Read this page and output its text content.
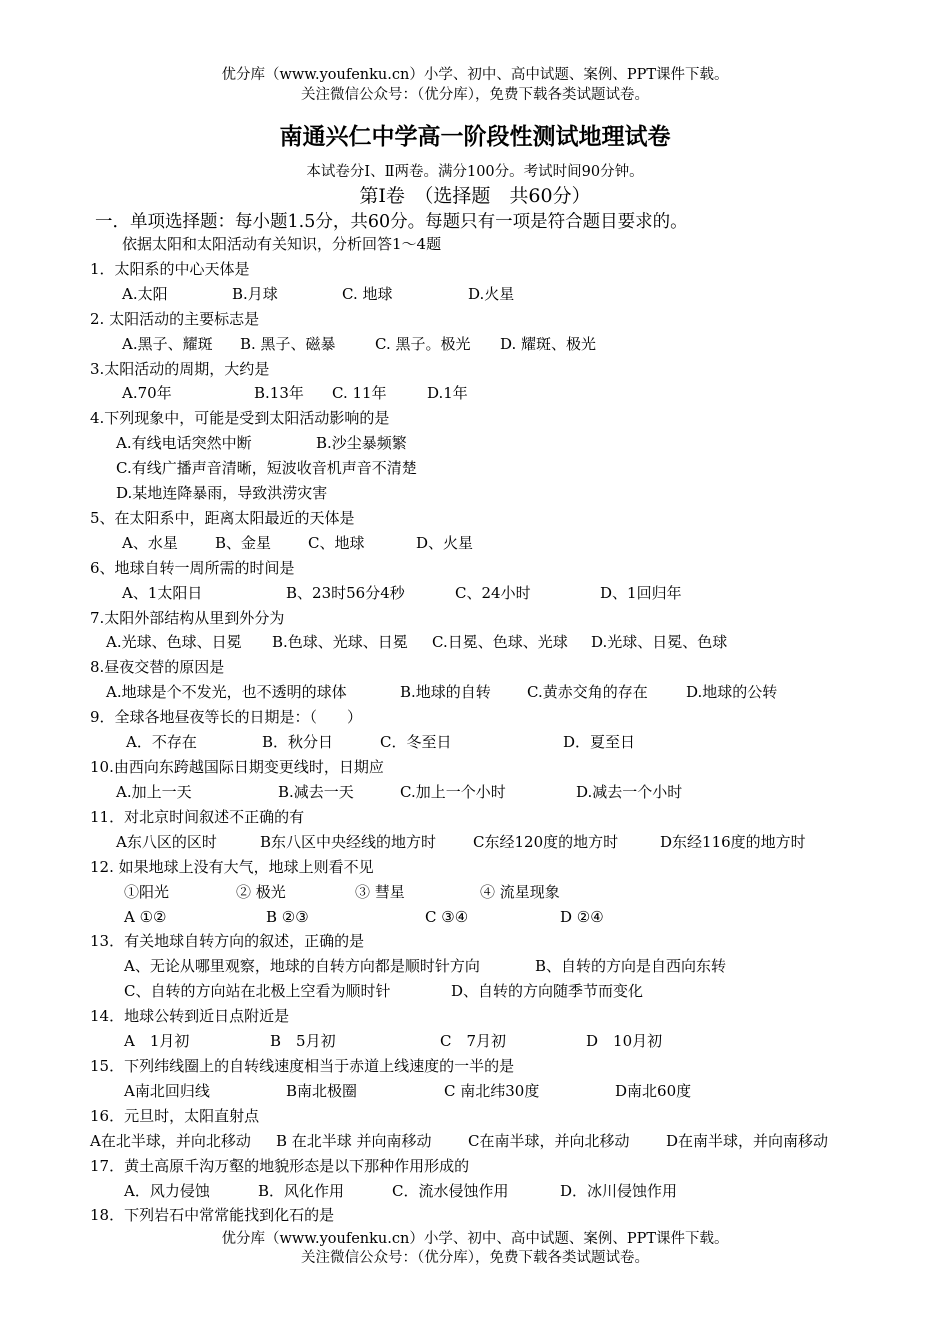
优分库（www.youfenku.cn）小学、初中、高中试题、案例、PPT课件下载。
关注微信公众号：（优分库），免费下载各类试题试卷。
南通兴仁中学高一阶段性测试地理试卷
本试卷分Ⅰ、Ⅱ两卷。满分100分。考试时间90分钟。
第Ⅰ卷　（选择题　共60分）
一．单项选择题：每小题1.5分，共60分。每题只有一项是符合题目要求的。
依据太阳和太阳活动有关知识，分析回答1～4题
1．太阳系的中心天体是
A.太阳	B.月球	C. 地球	D.火星
2. 太阳活动的主要标志是
A.黑子、耀斑 B. 黑子、磁暴	C. 黑子。极光 D. 耀斑、极光
3.太阳活动的周期，大约是
A.70年	B.13年 C. 11年	D.1年
4.下列现象中，可能是受到太阳活动影响的是
A.有线电话突然中断	B.沙尘暴频繁
C.有线广播声音清晰，短波收音机声音不清楚
D.某地连降暴雨，导致洪涝灾害
5、在太阳系中，距离太阳最近的天体是
A、水星 B、金星 C、地球	D、火星
6、地球自转一周所需的时间是
A、1太阳日	B、23时56分4秒	C、24小时	D、1回归年
7.太阳外部结构从里到外分为
A.光球、色球、日冕 B.色球、光球、日冕 C.日冕、色球、光球 D.光球、日冕、色球
8.昼夜交替的原因是
A.地球是个不发光，也不透明的球体	B.地球的自转 C.黄赤交角的存在	D.地球的公转
9．全球各地昼夜等长的日期是：（　　）
A．不存在	B．秋分日	C．冬至日	D．夏至日
10.由西向东跨越国际日期变更线时，日期应
A.加上一天	B.减去一天	C.加上一个小时	D.减去一个小时
11．对北京时间叙述不正确的有
A东八区的区时	B东八区中央经线的地方时 C东经120度的地方时	D东经116度的地方时
12. 如果地球上没有大气，地球上则看不见
①阳光	② 极光	③ 彗星	④ 流星现象
A ①②	B ②③	C ③④	D ②④
13．有关地球自转方向的叙述，正确的是
A、无论从哪里观察，地球的自转方向都是顺时针方向	B、自转的方向是自西向东转
C、自转的方向站在北极上空看为顺时针	D、自转的方向随季节而变化
14．地球公转到近日点附近是
A　1月初	B　5月初	C　7月初	D　10月初
15．下列纬线圈上的自转线速度相当于赤道上线速度的一半的是
A南北回归线	B南北极圈	C 南北纬30度	D南北60度
16．元旦时，太阳直射点
A在北半球，并向北移动 B 在北半球 并向南移动 C在南半球，并向北移动 D在南半球，并向南移动
17．黄土高原千沟万壑的地貌形态是以下那种作用形成的
A．风力侵蚀	B．风化作用	C．流水侵蚀作用	D．冰川侵蚀作用
18．下列岩石中常常能找到化石的是
优分库（www.youfenku.cn）小学、初中、高中试题、案例、PPT课件下载。
关注微信公众号：（优分库），免费下载各类试题试卷。
